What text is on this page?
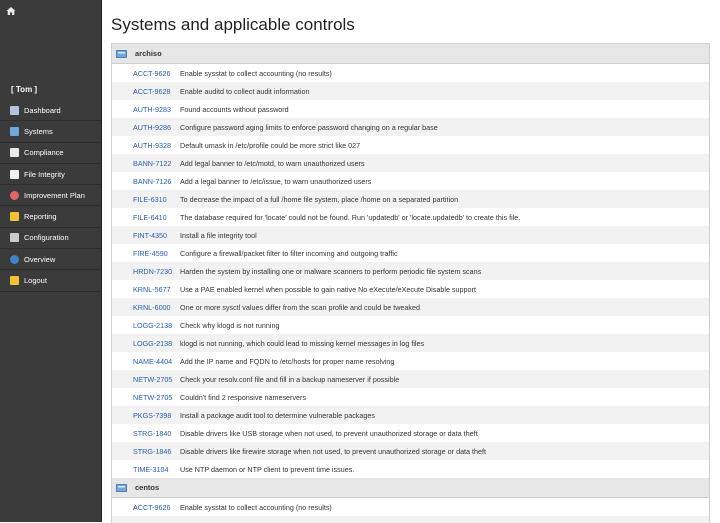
[ Tom ]
Dashboard
Systems
Compliance
File Integrity
Improvement Plan
Reporting
Configuration
Overview
Logout
Systems and applicable controls
archiso
ACCT-9626	Enable sysstat to collect accounting (no results)
ACCT-9628	Enable auditd to collect audit information
AUTH-9283	Found accounts without password
AUTH-9286	Configure password aging limits to enforce password changing on a regular base
AUTH-9328	Default umask in /etc/profile could be more strict like 027
BANN-7122	Add legal banner to /etc/motd, to warn unauthorized users
BANN-7126	Add a legal banner to /etc/issue, to warn unauthorized users
FILE-6310	To decrease the impact of a full /home file system, place /home on a separated partition
FILE-6410	The database required for 'locate' could not be found. Run 'updatedb' or 'locate.updatedb' to create this file.
FINT-4350	Install a file integrity tool
FIRE-4590	Configure a firewall/packet filter to filter incoming and outgoing traffic
HRDN-7230	Harden the system by installing one or malware scanners to perform periodic file system scans
KRNL-5677	Use a PAE enabled kernel when possible to gain native No eXecute/eXecute Disable support
KRNL-6000	One or more sysctl values differ from the scan profile and could be tweaked
LOGG-2138	Check why klogd is not running
LOGG-2138	klogd is not running, which could lead to missing kernel messages in log files
NAME-4404	Add the IP name and FQDN to /etc/hosts for proper name resolving
NETW-2705	Check your resolv.conf file and fill in a backup nameserver if possible
NETW-2705	Couldn't find 2 responsive nameservers
PKGS-7398	Install a package audit tool to determine vulnerable packages
STRG-1840	Disable drivers like USB storage when not used, to prevent unauthorized storage or data theft
STRG-1846	Disable drivers like firewire storage when not used, to prevent unauthorized storage or data theft
TIME-3104	Use NTP daemon or NTP client to prevent time issues.
centos
ACCT-9626	Enable sysstat to collect accounting (no results)
